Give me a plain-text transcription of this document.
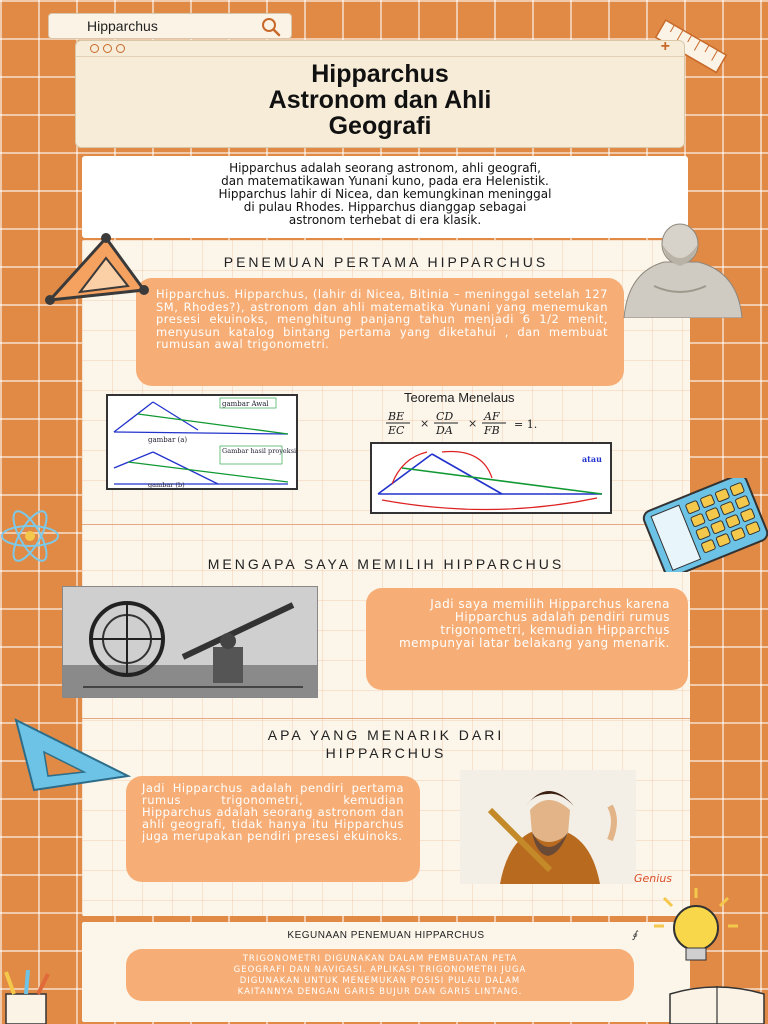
Hipparchus
+
Hipparchus
Astronom dan Ahli
Geografi
Hipparchus adalah seorang astronom, ahli geografi,
dan matematikawan Yunani kuno, pada era Helenistik.
Hipparchus lahir di Nicea, dan kemungkinan meninggal
di pulau Rhodes. Hipparchus dianggap sebagai
astronom terhebat di era klasik.
PENEMUAN PERTAMA HIPPARCHUS
Hipparchus. Hipparchus, (lahir di Nicea, Bitinia – meninggal setelah 127 SM, Rhodes?), astronom dan ahli matematika Yunani yang menemukan presesi ekuinoks, menghitung panjang tahun menjadi 6 1/2 menit, menyusun katalog bintang pertama yang diketahui , dan membuat rumusan awal trigonometri.
gambar Awal
gambar (a)
Gambar hasil proyeksi
gambar (b)
Teorema Menelaus
BE
EC
×
CD
DA
×
AF
FB = 1.
atau
MENGAPA SAYA MEMILIH HIPPARCHUS
Jadi saya memilih Hipparchus karena Hipparchus adalah pendiri rumus trigonometri, kemudian Hipparchus mempunyai latar belakang yang menarik.
APA YANG MENARIK DARI
HIPPARCHUS
Jadi Hipparchus adalah pendiri pertama rumus trigonometri, kemudian Hipparchus adalah seorang astronom dan ahli geografi, tidak hanya itu Hipparchus juga merupakan pendiri presesi ekuinoks.
KEGUNAAN PENEMUAN HIPPARCHUS
TRIGONOMETRI DIGUNAKAN DALAM PEMBUATAN PETA
GEOGRAFI DAN NAVIGASI. APLIKASI TRIGONOMETRI JUGA
DIGUNAKAN UNTUK MENEMUKAN POSISI PULAU DALAM
KAITANNYA DENGAN GARIS BUJUR DAN GARIS LINTANG.
Genius
∮
